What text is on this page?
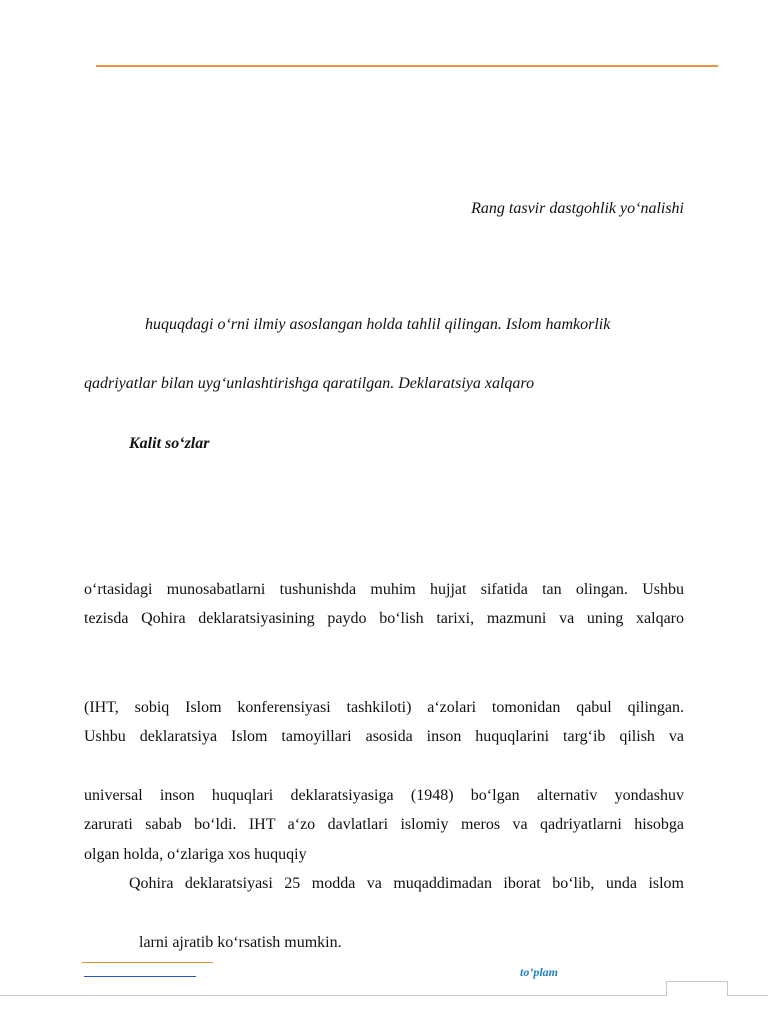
Rang tasvir dastgohlik yo‘nalishi
huquqdagi o‘rni ilmiy asoslangan holda tahlil qilingan. Islom hamkorlik
qadriyatlar bilan uyg‘unlashtirishga qaratilgan. Deklaratsiya xalqaro
Kalit so‘zlar
o‘rtasidagi munosabatlarni tushunishda muhim hujjat sifatida tan olingan. Ushbu
tezisda Qohira deklaratsiyasining paydo bo‘lish tarixi, mazmuni va uning xalqaro
(IHT, sobiq Islom konferensiyasi tashkiloti) a‘zolari tomonidan qabul qilingan.
Ushbu deklaratsiya Islom tamoyillari asosida inson huquqlarini targ‘ib qilish va
universal inson huquqlari deklaratsiyasiga (1948) bo‘lgan alternativ yondashuv
zarurati sabab bo‘ldi. IHT a‘zo davlatlari islomiy meros va qadriyatlarni hisobga
olgan holda, o‘zlariga xos huquqiy
Qohira deklaratsiyasi 25 modda va muqaddimadan iborat bo‘lib, unda islom
larni ajratib ko‘rsatish mumkin.
to’plam
